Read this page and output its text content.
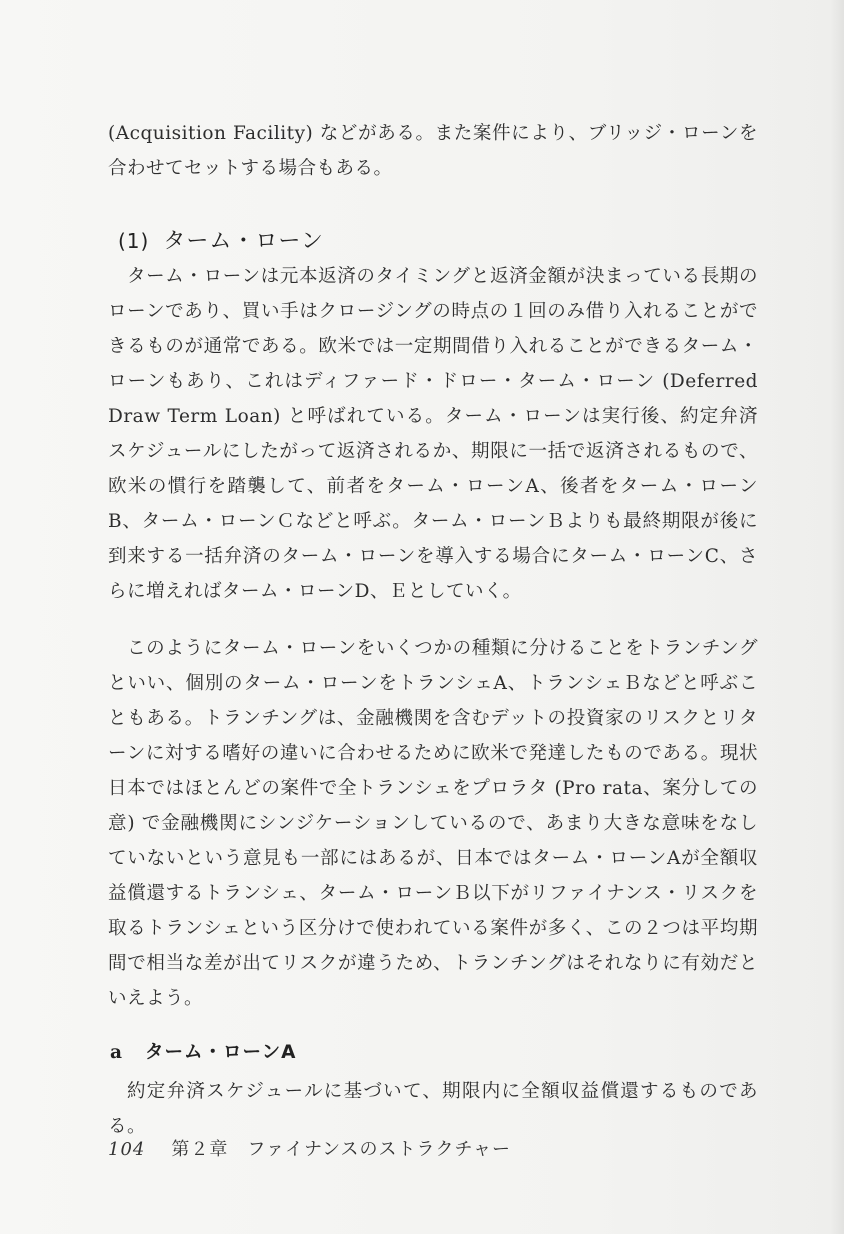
(Acquisition Facility) などがある。また案件により、ブリッジ・ローンを合わせてセットする場合もある。

(1) ターム・ローン

ターム・ローンは元本返済のタイミングと返済金額が決まっている長期のローンであり、買い手はクロージングの時点の１回のみ借り入れることができるものが通常である。欧米では一定期間借り入れることができるターム・ローンもあり、これはディファード・ドロー・ターム・ローン (Deferred Draw Term Loan) と呼ばれている。ターム・ローンは実行後、約定弁済スケジュールにしたがって返済されるか、期限に一括で返済されるもので、欧米の慣行を踏襲して、前者をターム・ローンA、後者をターム・ローンB、ターム・ローンＣなどと呼ぶ。ターム・ローンＢよりも最終期限が後に到来する一括弁済のターム・ローンを導入する場合にターム・ローンC、さらに増えればターム・ローンD、Ｅとしていく。

このようにターム・ローンをいくつかの種類に分けることをトランチングといい、個別のターム・ローンをトランシェA、トランシェＢなどと呼ぶこともある。トランチングは、金融機関を含むデットの投資家のリスクとリターンに対する嗜好の違いに合わせるために欧米で発達したものである。現状日本ではほとんどの案件で全トランシェをプロラタ (Pro rata、案分しての意) で金融機関にシンジケーションしているので、あまり大きな意味をなしていないという意見も一部にはあるが、日本ではターム・ローンAが全額収益償還するトランシェ、ターム・ローンＢ以下がリファイナンス・リスクを取るトランシェという区分けで使われている案件が多く、この２つは平均期間で相当な差が出てリスクが違うため、トランチングはそれなりに有効だといえよう。

a ターム・ローンA

約定弁済スケジュールに基づいて、期限内に全額収益償還するものである。

104 第２章　ファイナンスのストラクチャー
